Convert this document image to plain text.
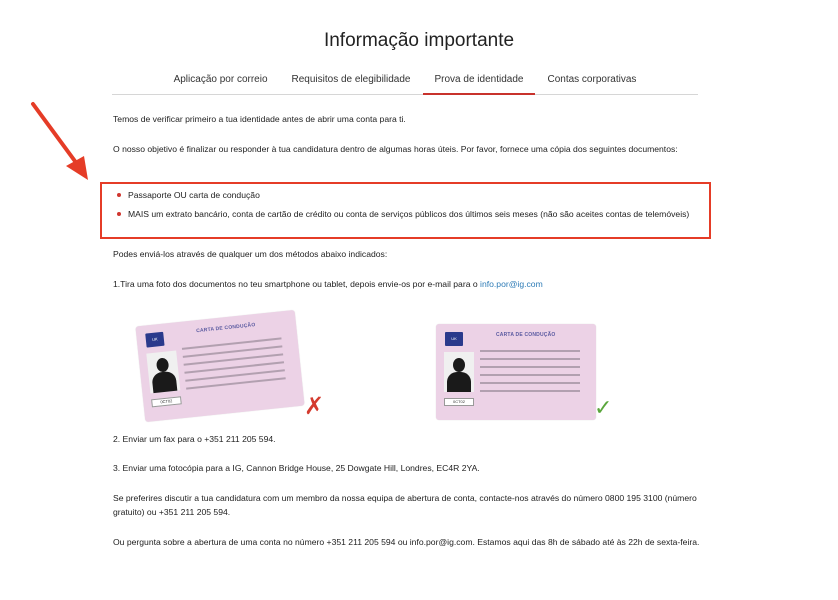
Informação importante
Aplicação por correio Requisitos de elegibilidade Prova de identidade Contas corporativas

Temos de verificar primeiro a tua identidade antes de abrir uma conta para ti.

O nosso objetivo é finalizar ou responder à tua candidatura dentro de algumas horas úteis. Por favor, fornece uma cópia dos seguintes documentos:

Passaporte OU carta de condução
MAIS um extrato bancário, conta de cartão de crédito ou conta de serviços públicos dos últimos seis meses (não são aceites contas de telemóveis)

Podes enviá-los através de qualquer um dos métodos abaixo indicados:

1.Tira uma foto dos documentos no teu smartphone ou tablet, depois envie-os por e-mail para o info.por@ig.com

UK
CARTA DE CONDUÇÃO
0CT02	✗
UK
CARTA DE CONDUÇÃO
0CT02	✓

2. Enviar um fax para o +351 211 205 594.

3. Enviar uma fotocópia para a IG, Cannon Bridge House, 25 Dowgate Hill, Londres, EC4R 2YA.

Se preferires discutir a tua candidatura com um membro da nossa equipa de abertura de conta, contacte-nos através do número 0800 195 3100 (número gratuito) ou +351 211 205 594.

Ou pergunta sobre a abertura de uma conta no número +351 211 205 594 ou info.por@ig.com. Estamos aqui das 8h de sábado até às 22h de sexta-feira.
